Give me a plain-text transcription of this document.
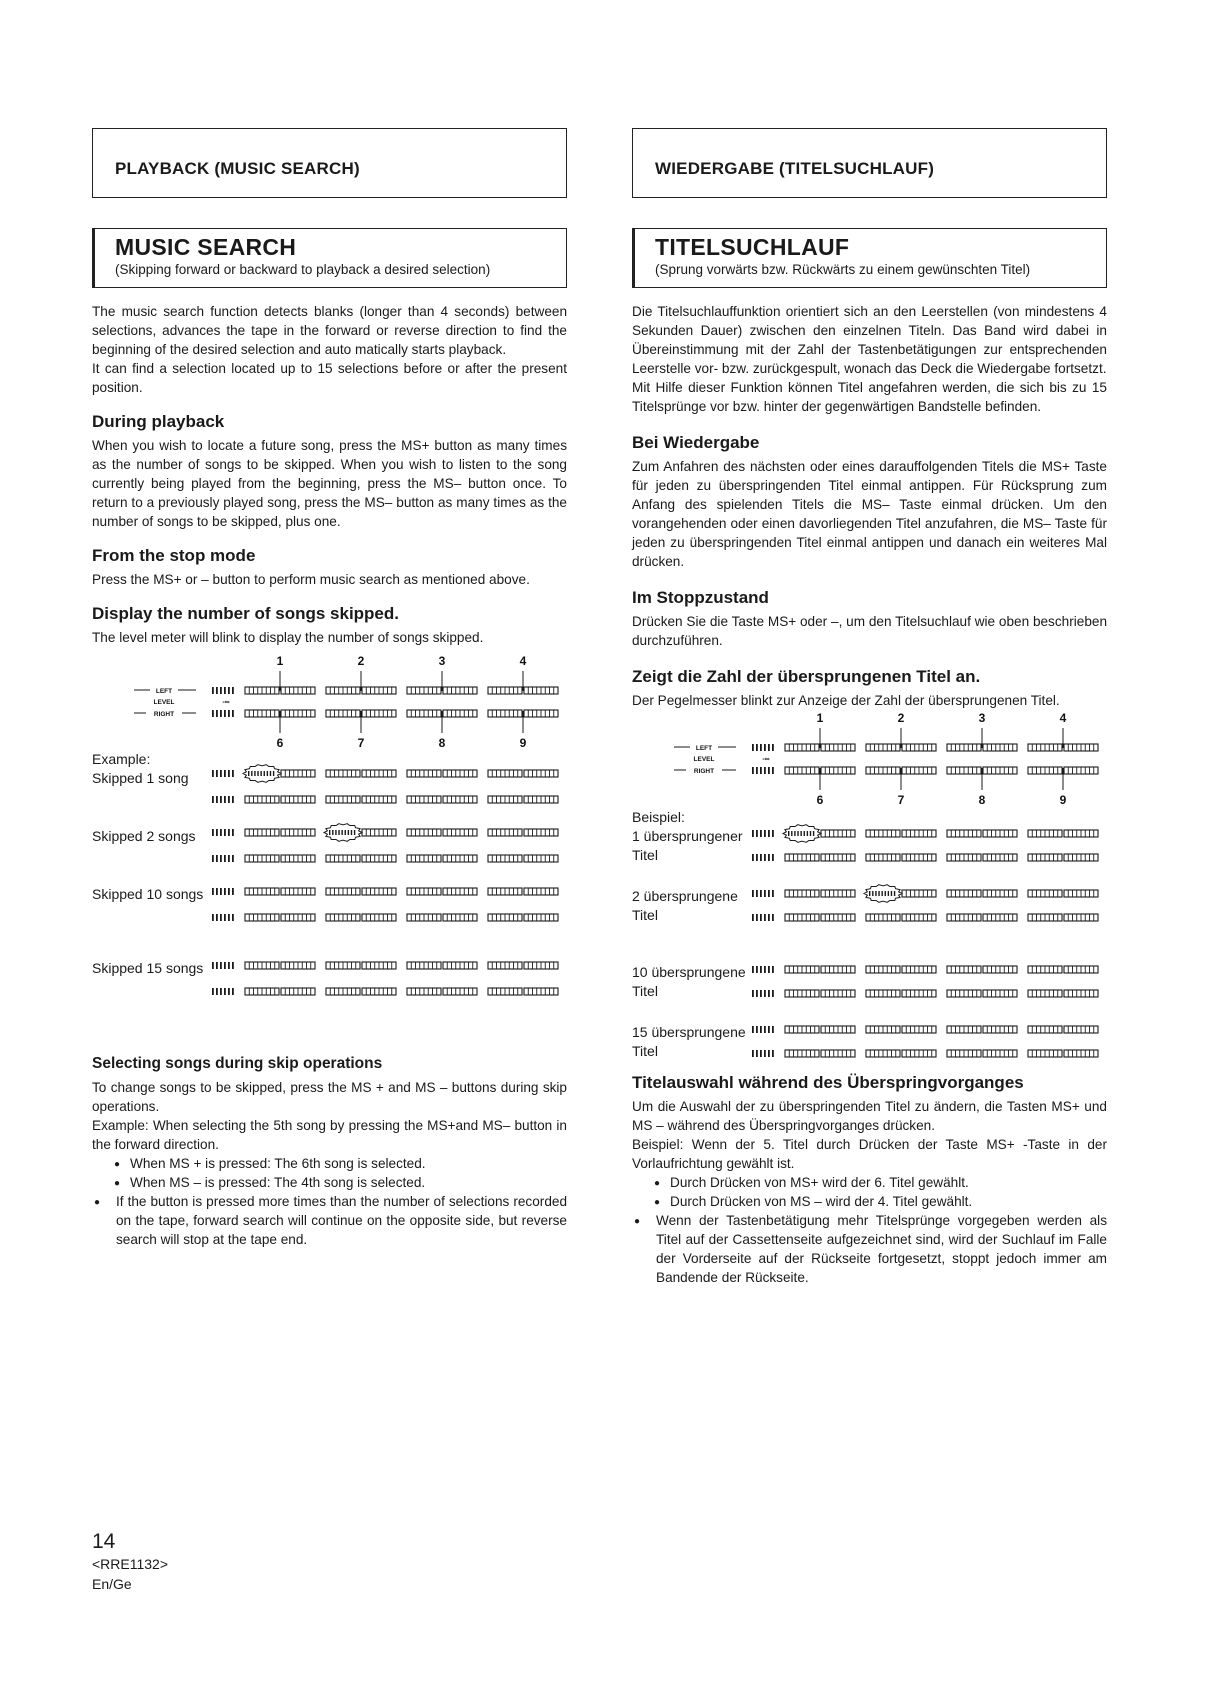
PLAYBACK (MUSIC SEARCH)
MUSIC SEARCH
(Skipping forward or backward to playback a desired selection)

The music search function detects blanks (longer than 4 seconds) between selections, advances the tape in the forward or reverse direction to find the beginning of the desired selection and auto matically starts playback.

It can find a selection located up to 15 selections before or after the present position.

During playback

When you wish to locate a future song, press the MS+ button as many times as the number of songs to be skipped. When you wish to listen to the song currently being played from the beginning, press the MS– button once. To return to a previously played song, press the MS– button as many times as the number of songs to be skipped, plus one.

From the stop mode

Press the MS+ or – button to perform music search as mentioned above.

Display the number of songs skipped.

The level meter will blink to display the number of songs skipped.

1
6
2
7
3
8
4
9
LEFT
LEVEL
RIGHT
-∞
Example:
Skipped 1 song
Skipped 2 songs
Skipped 10 songs
Skipped 15 songs
Selecting songs during skip operations

To change songs to be skipped, press the MS + and MS – buttons during skip operations.

Example: When selecting the 5th song by pressing the MS+and MS– button in the forward direction.

● When MS + is pressed: The 6th song is selected.
● When MS – is pressed: The 4th song is selected.
● If the button is pressed more times than the number of selections recorded on the tape, forward search will continue on the opposite side, but reverse search will stop at the tape end.
WIEDERGABE (TITELSUCHLAUF)
TITELSUCHLAUF
(Sprung vorwärts bzw. Rückwärts zu einem gewünschten Titel)

Die Titelsuchlauffunktion orientiert sich an den Leerstellen (von mindestens 4 Sekunden Dauer) zwischen den einzelnen Titeln. Das Band wird dabei in Übereinstimmung mit der Zahl der Tastenbetätigungen zur entsprechenden Leerstelle vor- bzw. zurückgespult, wonach das Deck die Wiedergabe fortsetzt.

Mit Hilfe dieser Funktion können Titel angefahren werden, die sich bis zu 15 Titelsprünge vor bzw. hinter der gegenwärtigen Bandstelle befinden.

Bei Wiedergabe

Zum Anfahren des nächsten oder eines darauffolgenden Titels die MS+ Taste für jeden zu überspringenden Titel einmal antippen. Für Rücksprung zum Anfang des spielenden Titels die MS– Taste einmal drücken. Um den vorangehenden oder einen davorliegenden Titel anzufahren, die MS– Taste für jeden zu überspringenden Titel einmal antippen und danach ein weiteres Mal drücken.

Im Stoppzustand

Drücken Sie die Taste MS+ oder –, um den Titelsuchlauf wie oben beschrieben durchzuführen.

Zeigt die Zahl der übersprungenen Titel an.

Der Pegelmesser blinkt zur Anzeige der Zahl der übersprungenen Titel.

1
6
2
7
3
8
4
9
LEFT
LEVEL
RIGHT
-∞
Beispiel:
1 übersprungener Titel
2 übersprungene Titel
10 übersprungene Titel
15 übersprungene Titel
Titelauswahl während des Überspringvorganges

Um die Auswahl der zu überspringenden Titel zu ändern, die Tasten MS+ und MS – während des Überspringvorganges drücken.

Beispiel: Wenn der 5. Titel durch Drücken der Taste MS+ -Taste in der Vorlaufrichtung gewählt ist.

● Durch Drücken von MS+ wird der 6. Titel gewählt.
● Durch Drücken von MS – wird der 4. Titel gewählt.
● Wenn der Tastenbetätigung mehr Titelsprünge vorgegeben werden als Titel auf der Cassettenseite aufgezeichnet sind, wird der Suchlauf im Falle der Vorderseite auf der Rückseite fortgesetzt, stoppt jedoch immer am Bandende der Rückseite.
14
<RRE1132>
En/Ge
